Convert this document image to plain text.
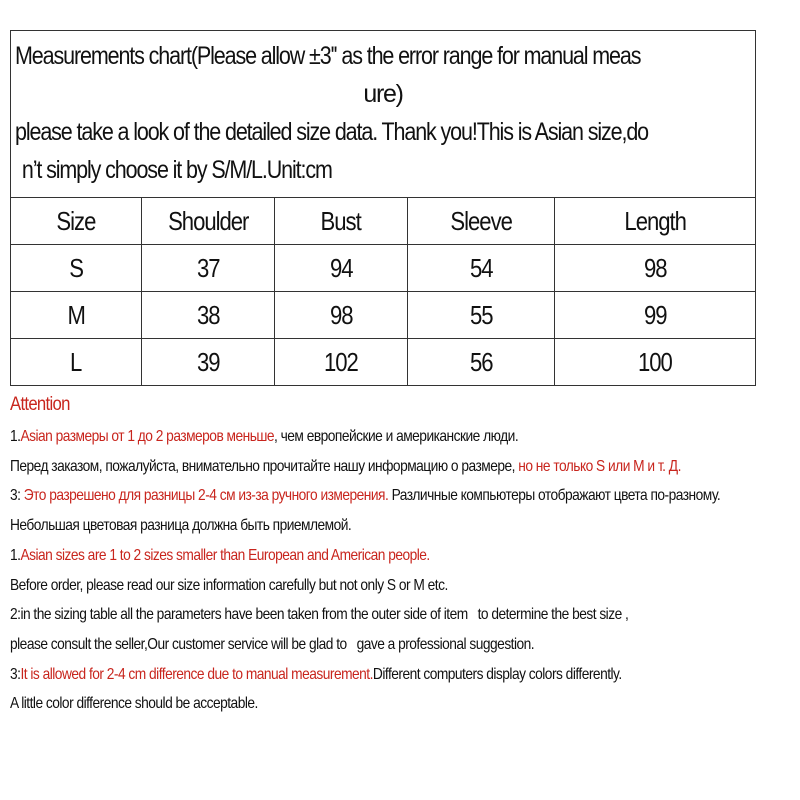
Measurements chart(Please allow ±3'' as the error range for manual meas
ure)
please take a look of the detailed size data. Thank you!This is Asian size,do
n’t simply choose it by S/M/L.Unit:cm				

Size	Shoulder	Bust	Sleeve	Length
S	37	94	54	98
M	38	98	55	99
L	39	102	56	100
Attention
1.Asian размеры от 1 до 2 размеров меньше, чем европейские и американские люди.
Перед заказом, пожалуйста, внимательно прочитайте нашу информацию о размере, но не только S или M и т. Д.
3: Это разрешено для разницы 2-4 см из-за ручного измерения. Различные компьютеры отображают цвета по-разному.
Небольшая цветовая разница должна быть приемлемой.
1.Asian sizes are 1 to 2 sizes smaller than European and American people.
Before order, please read our size information carefully but not only S or M etc.
2:in the sizing table all the parameters have been taken from the outer side of item   to determine the best size ,
please consult the seller,Our customer service will be glad to   gave a professional suggestion.
3:It is allowed for 2-4 cm difference due to manual measurement.Different computers display colors differently.
A little color difference should be acceptable.
